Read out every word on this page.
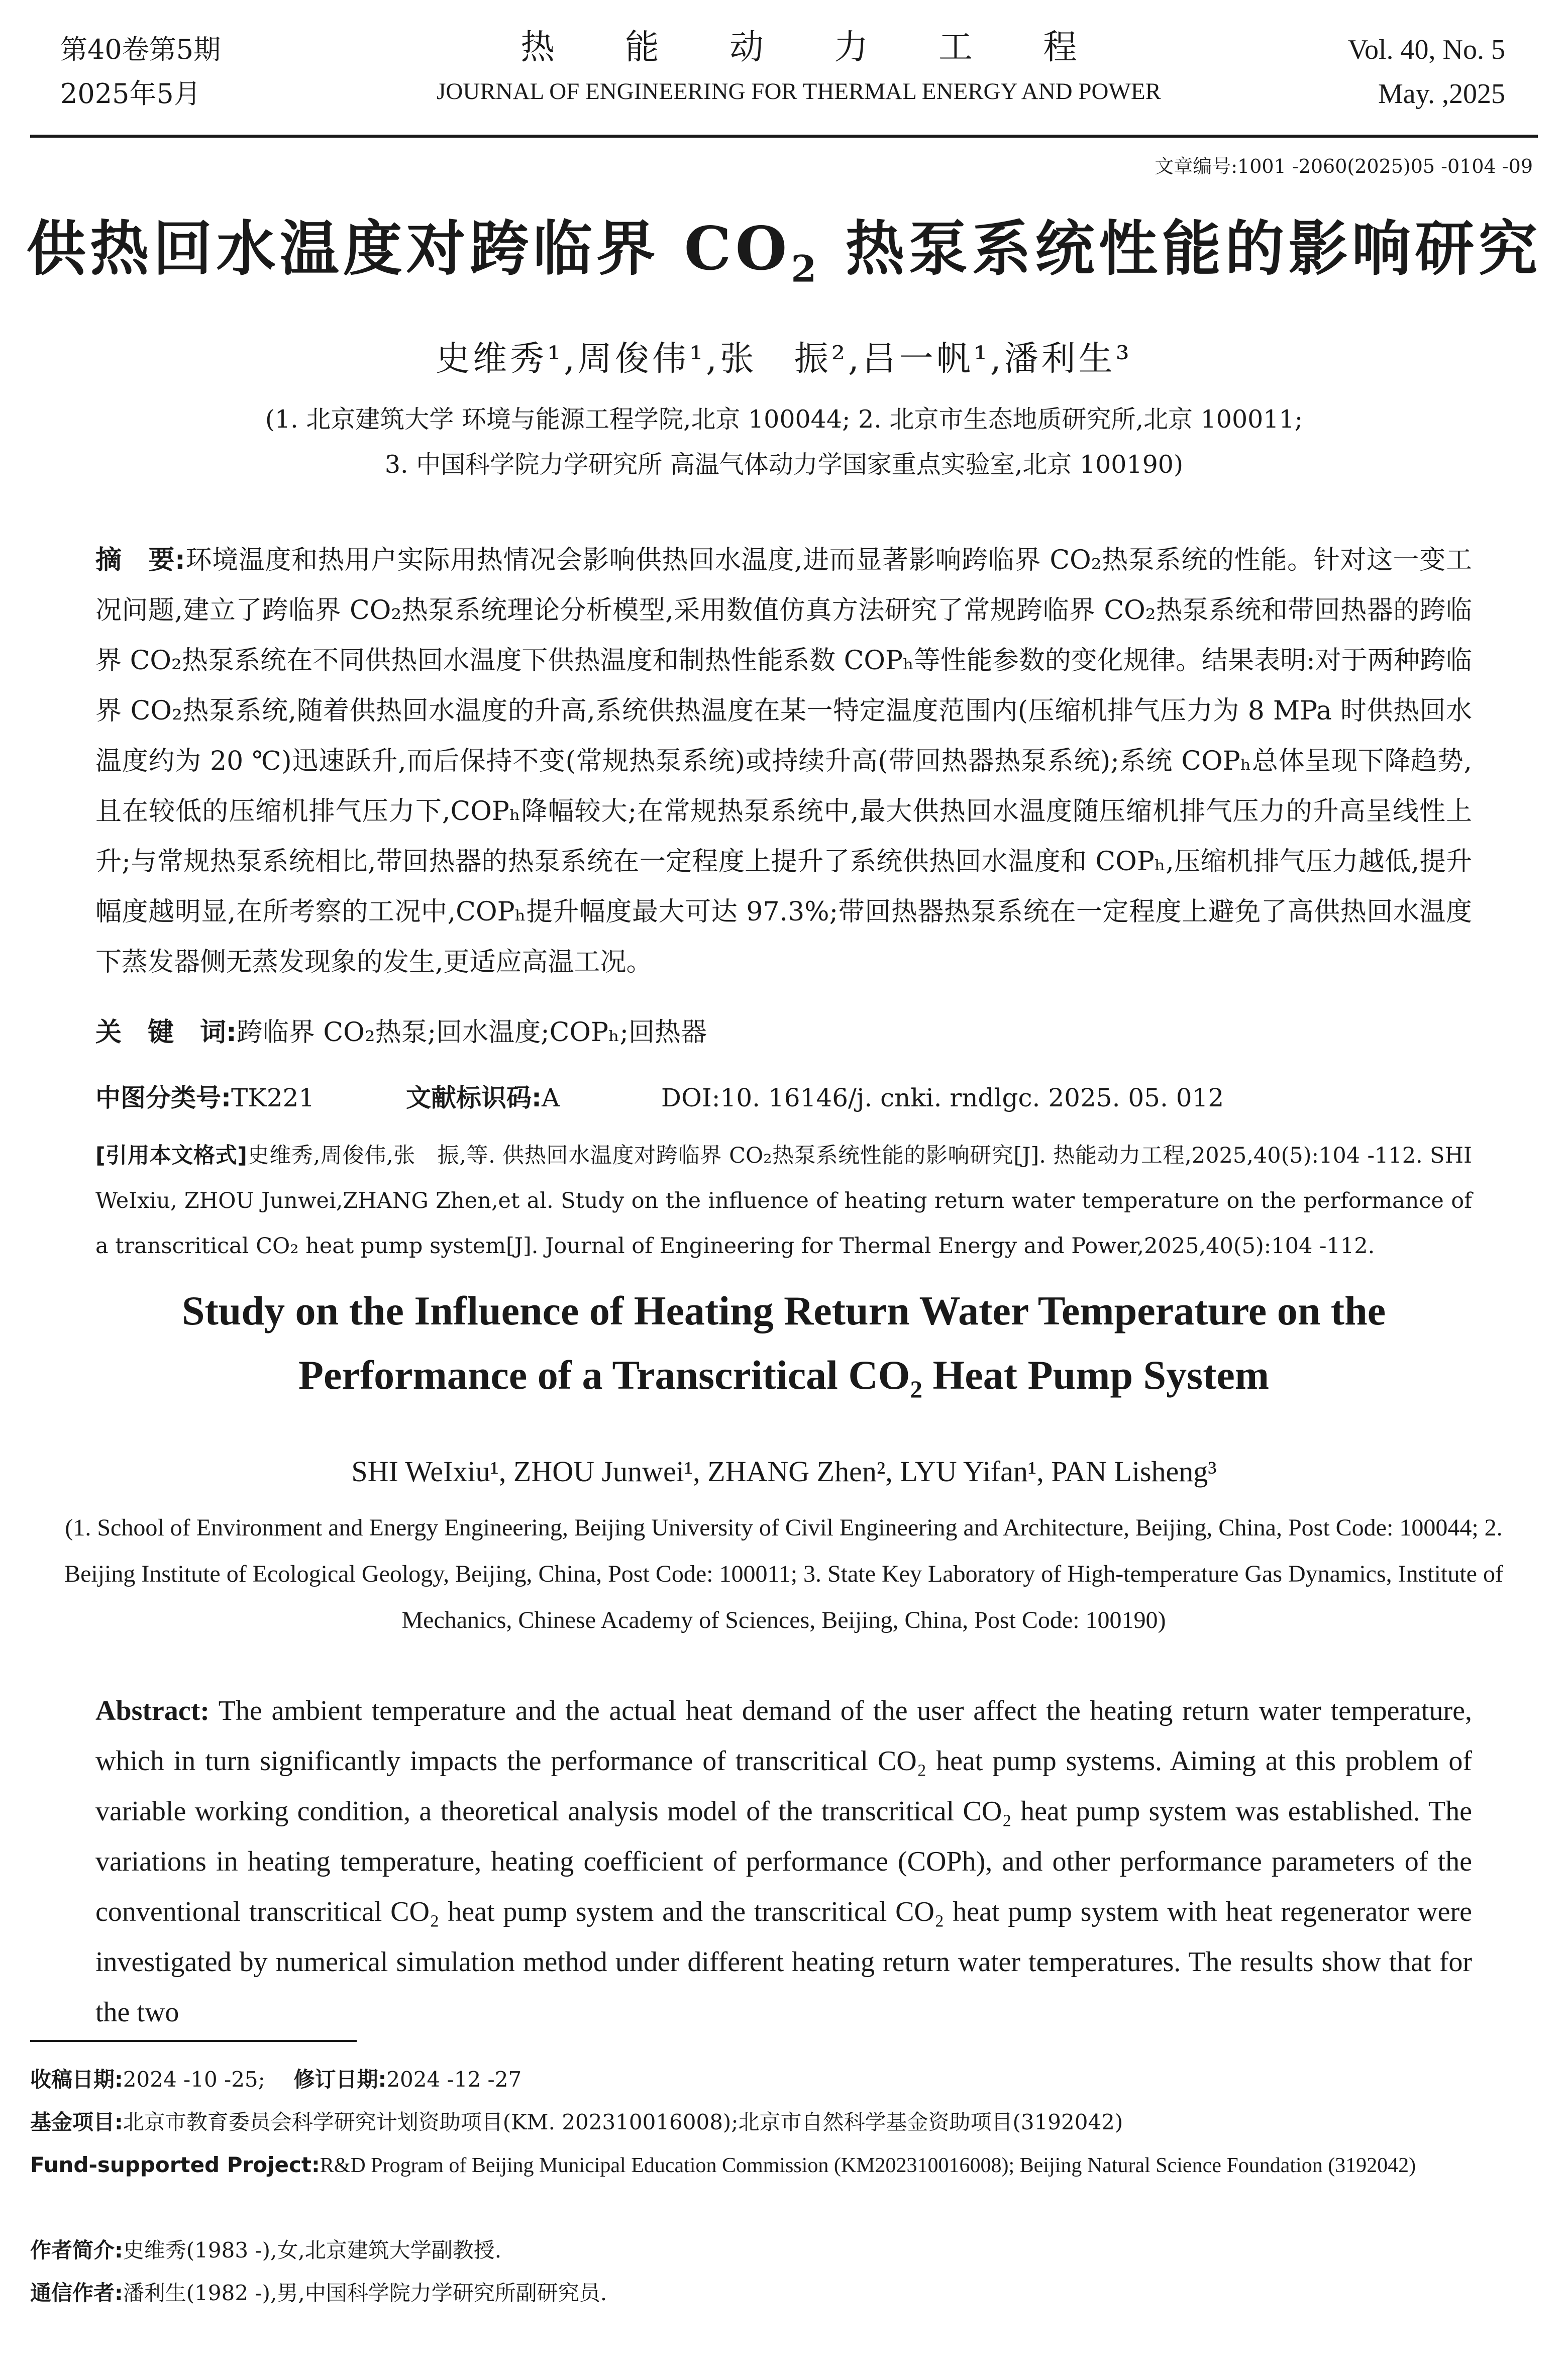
第40卷第5期
2025年5月
热能动力工程
JOURNAL OF ENGINEERING FOR THERMAL ENERGY AND POWER
Vol. 40, No. 5
May. ,2025
文章编号:1001 -2060(2025)05 -0104 -09
供热回水温度对跨临界 $CO_2$ 热泵系统性能的影响研究
史维秀¹,周俊伟¹,张　振²,吕一帆¹,潘利生³
(1. 北京建筑大学 环境与能源工程学院,北京 100044; 2. 北京市生态地质研究所,北京 100011;
3. 中国科学院力学研究所 高温气体动力学国家重点实验室,北京 100190)
摘　要:环境温度和热用户实际用热情况会影响供热回水温度,进而显著影响跨临界 CO₂热泵系统的性能。针对这一变工况问题,建立了跨临界 CO₂热泵系统理论分析模型,采用数值仿真方法研究了常规跨临界 CO₂热泵系统和带回热器的跨临界 CO₂热泵系统在不同供热回水温度下供热温度和制热性能系数 COPₕ等性能参数的变化规律。结果表明:对于两种跨临界 CO₂热泵系统,随着供热回水温度的升高,系统供热温度在某一特定温度范围内(压缩机排气压力为 8 MPa 时供热回水温度约为 20 ℃)迅速跃升,而后保持不变(常规热泵系统)或持续升高(带回热器热泵系统);系统 COPₕ总体呈现下降趋势,且在较低的压缩机排气压力下,COPₕ降幅较大;在常规热泵系统中,最大供热回水温度随压缩机排气压力的升高呈线性上升;与常规热泵系统相比,带回热器的热泵系统在一定程度上提升了系统供热回水温度和 COPₕ,压缩机排气压力越低,提升幅度越明显,在所考察的工况中,COPₕ提升幅度最大可达 97.3%;带回热器热泵系统在一定程度上避免了高供热回水温度下蒸发器侧无蒸发现象的发生,更适应高温工况。
关　键　词:跨临界 CO₂热泵;回水温度;COPₕ;回热器
中图分类号:TK221	文献标识码:A	DOI:10. 16146/j. cnki. rndlgc. 2025. 05. 012
[引用本文格式]史维秀,周俊伟,张　振,等. 供热回水温度对跨临界 CO₂热泵系统性能的影响研究[J]. 热能动力工程,2025,40(5):104 -112. SHI WeIxiu, ZHOU Junwei,ZHANG Zhen,et al. Study on the influence of heating return water temperature on the performance of a transcritical CO₂ heat pump system[J]. Journal of Engineering for Thermal Energy and Power,2025,40(5):104 -112.
Study on the Influence of Heating Return Water Temperature on the
Performance of a Transcritical $CO_2$ Heat Pump System
SHI WeIxiu¹, ZHOU Junwei¹, ZHANG Zhen², LYU Yifan¹, PAN Lisheng³
(1. School of Environment and Energy Engineering, Beijing University of Civil Engineering and Architecture, Beijing, China, Post Code: 100044; 2. Beijing Institute of Ecological Geology, Beijing, China, Post Code: 100011; 3. State Key Laboratory of High-temperature Gas Dynamics, Institute of Mechanics, Chinese Academy of Sciences, Beijing, China, Post Code: 100190)
Abstract: The ambient temperature and the actual heat demand of the user affect the heating return water temperature, which in turn significantly impacts the performance of transcritical CO₂ heat pump systems. Aiming at this problem of variable working condition, a theoretical analysis model of the transcritical CO₂ heat pump system was established. The variations in heating temperature, heating coefficient of performance (COPh), and other performance parameters of the conventional transcritical CO₂ heat pump system and the transcritical CO₂ heat pump system with heat regenerator were investigated by numerical simulation method under different heating return water temperatures. The results show that for the two
收稿日期:2024 -10 -25; 修订日期:2024 -12 -27
基金项目:北京市教育委员会科学研究计划资助项目(KM. 202310016008);北京市自然科学基金资助项目(3192042)
Fund-supported Project:R&D Program of Beijing Municipal Education Commission (KM202310016008); Beijing Natural Science Foundation (3192042)
作者简介:史维秀(1983 -),女,北京建筑大学副教授.
通信作者:潘利生(1982 -),男,中国科学院力学研究所副研究员.
